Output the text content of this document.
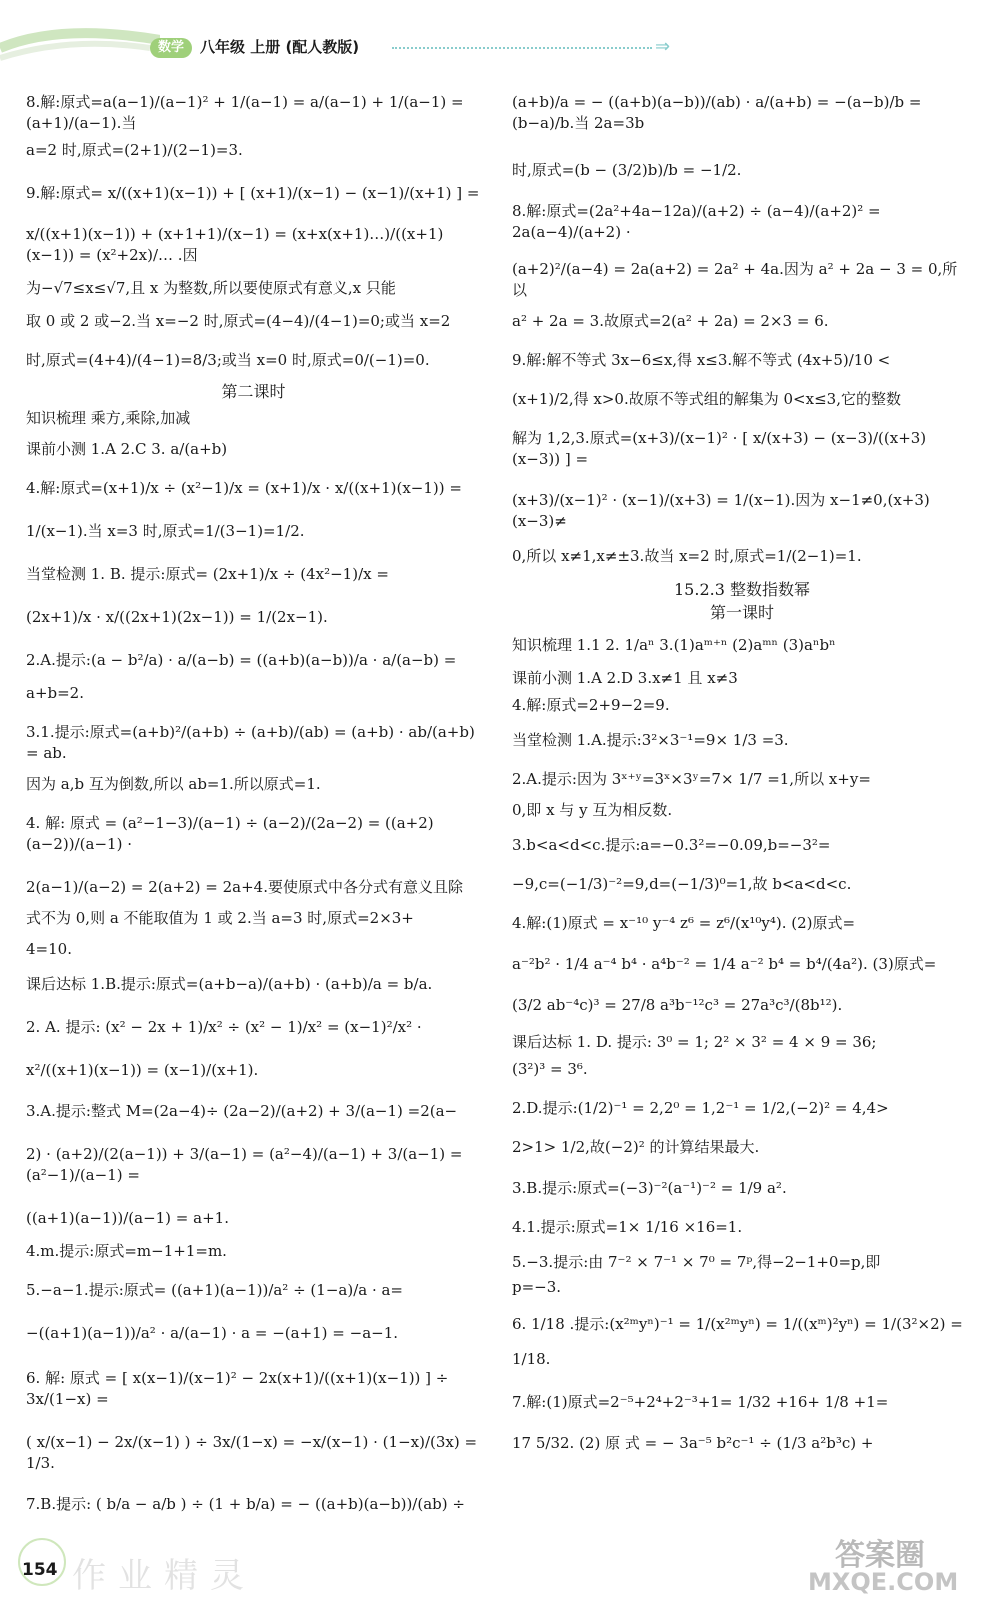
数学	八年级 上册 (配人教版)	⇒

8.解:原式=a(a−1)/(a−1)² + 1/(a−1) = a/(a−1) + 1/(a−1) = (a+1)/(a−1).当

a=2 时,原式=(2+1)/(2−1)=3.

9.解:原式= x/((x+1)(x−1)) + [ (x+1)/(x−1) − (x−1)/(x+1) ] =

x/((x+1)(x−1)) + (x+1+1)/(x−1) = (x+x(x+1)…)/((x+1)(x−1)) = (x²+2x)/… .因

为−√7≤x≤√7,且 x 为整数,所以要使原式有意义,x 只能

取 0 或 2 或−2.当 x=−2 时,原式=(4−4)/(4−1)=0;或当 x=2

时,原式=(4+4)/(4−1)=8/3;或当 x=0 时,原式=0/(−1)=0.

第二课时

知识梳理 乘方,乘除,加减

课前小测 1.A 2.C 3. a/(a+b)

4.解:原式=(x+1)/x ÷ (x²−1)/x = (x+1)/x · x/((x+1)(x−1)) =

1/(x−1).当 x=3 时,原式=1/(3−1)=1/2.

当堂检测 1. B. 提示:原式= (2x+1)/x ÷ (4x²−1)/x =

(2x+1)/x · x/((2x+1)(2x−1)) = 1/(2x−1).

2.A.提示:(a − b²/a) · a/(a−b) = ((a+b)(a−b))/a · a/(a−b) =

a+b=2.

3.1.提示:原式=(a+b)²/(a+b) ÷ (a+b)/(ab) = (a+b) · ab/(a+b) = ab.

因为 a,b 互为倒数,所以 ab=1.所以原式=1.

4. 解: 原式 = (a²−1−3)/(a−1) ÷ (a−2)/(2a−2) = ((a+2)(a−2))/(a−1) ·

2(a−1)/(a−2) = 2(a+2) = 2a+4.要使原式中各分式有意义且除

式不为 0,则 a 不能取值为 1 或 2.当 a=3 时,原式=2×3+

4=10.

课后达标 1.B.提示:原式=(a+b−a)/(a+b) · (a+b)/a = b/a.

2. A. 提示: (x² − 2x + 1)/x² ÷ (x² − 1)/x² = (x−1)²/x² ·

x²/((x+1)(x−1)) = (x−1)/(x+1).

3.A.提示:整式 M=(2a−4)÷ (2a−2)/(a+2) + 3/(a−1) =2(a−

2) · (a+2)/(2(a−1)) + 3/(a−1) = (a²−4)/(a−1) + 3/(a−1) = (a²−1)/(a−1) =

((a+1)(a−1))/(a−1) = a+1.

4.m.提示:原式=m−1+1=m.

5.−a−1.提示:原式= ((a+1)(a−1))/a² ÷ (1−a)/a · a=

−((a+1)(a−1))/a² · a/(a−1) · a = −(a+1) = −a−1.

6. 解: 原式 = [ x(x−1)/(x−1)² − 2x(x+1)/((x+1)(x−1)) ] ÷ 3x/(1−x) =

( x/(x−1) − 2x/(x−1) ) ÷ 3x/(1−x) = −x/(x−1) · (1−x)/(3x) = 1/3.

7.B.提示: ( b/a − a/b ) ÷ (1 + b/a) = − ((a+b)(a−b))/(ab) ÷

(a+b)/a = − ((a+b)(a−b))/(ab) · a/(a+b) = −(a−b)/b = (b−a)/b.当 2a=3b

时,原式=(b − (3/2)b)/b = −1/2.

8.解:原式=(2a²+4a−12a)/(a+2) ÷ (a−4)/(a+2)² = 2a(a−4)/(a+2) ·

(a+2)²/(a−4) = 2a(a+2) = 2a² + 4a.因为 a² + 2a − 3 = 0,所以

a² + 2a = 3.故原式=2(a² + 2a) = 2×3 = 6.

9.解:解不等式 3x−6≤x,得 x≤3.解不等式 (4x+5)/10 <

(x+1)/2,得 x>0.故原不等式组的解集为 0<x≤3,它的整数

解为 1,2,3.原式=(x+3)/(x−1)² · [ x/(x+3) − (x−3)/((x+3)(x−3)) ] =

(x+3)/(x−1)² · (x−1)/(x+3) = 1/(x−1).因为 x−1≠0,(x+3)(x−3)≠

0,所以 x≠1,x≠±3.故当 x=2 时,原式=1/(2−1)=1.

15.2.3 整数指数幂

第一课时

知识梳理 1.1 2. 1/aⁿ 3.(1)aᵐ⁺ⁿ (2)aᵐⁿ (3)aⁿbⁿ

课前小测 1.A 2.D 3.x≠1 且 x≠3

4.解:原式=2+9−2=9.

当堂检测 1.A.提示:3²×3⁻¹=9× 1/3 =3.

2.A.提示:因为 3ˣ⁺ʸ=3ˣ×3ʸ=7× 1/7 =1,所以 x+y=

0,即 x 与 y 互为相反数.

3.b<a<d<c.提示:a=−0.3²=−0.09,b=−3²=

−9,c=(−1/3)⁻²=9,d=(−1/3)⁰=1,故 b<a<d<c.

4.解:(1)原式 = x⁻¹⁰ y⁻⁴ z⁶ = z⁶/(x¹⁰y⁴). (2)原式=

a⁻²b² · 1/4 a⁻⁴ b⁴ · a⁴b⁻² = 1/4 a⁻² b⁴ = b⁴/(4a²). (3)原式=

(3/2 ab⁻⁴c)³ = 27/8 a³b⁻¹²c³ = 27a³c³/(8b¹²).

课后达标 1. D. 提示: 3⁰ = 1; 2² × 3² = 4 × 9 = 36;

(3²)³ = 3⁶.

2.D.提示:(1/2)⁻¹ = 2,2⁰ = 1,2⁻¹ = 1/2,(−2)² = 4,4>

2>1> 1/2,故(−2)² 的计算结果最大.

3.B.提示:原式=(−3)⁻²(a⁻¹)⁻² = 1/9 a².

4.1.提示:原式=1× 1/16 ×16=1.

5.−3.提示:由 7⁻² × 7⁻¹ × 7⁰ = 7ᵖ,得−2−1+0=p,即

p=−3.

6. 1/18 .提示:(x²ᵐyⁿ)⁻¹ = 1/(x²ᵐyⁿ) = 1/((xᵐ)²yⁿ) = 1/(3²×2) =

1/18.

7.解:(1)原式=2⁻⁵+2⁴+2⁻³+1= 1/32 +16+ 1/8 +1=

17 5/32. (2) 原 式 = − 3a⁻⁵ b²c⁻¹ ÷ (1/3 a²b³c) +

154 作业精灵
答案圈
MXQE.COM
